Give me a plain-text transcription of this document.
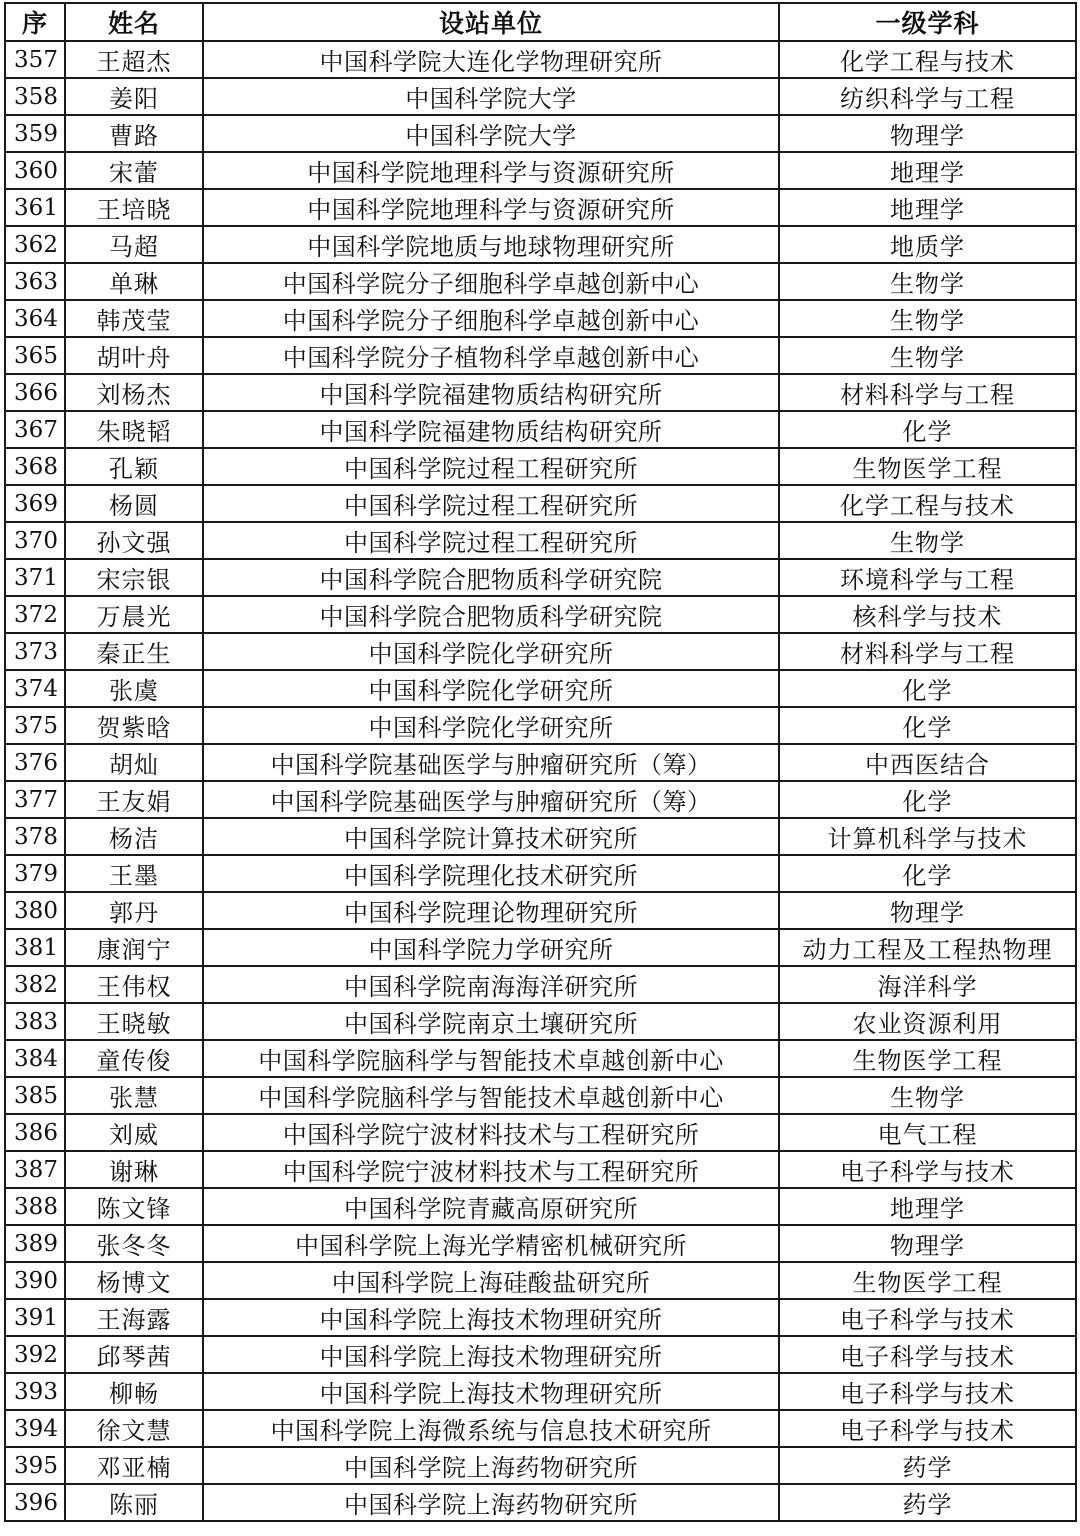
序	姓名	设站单位	一级学科
357	王超杰	中国科学院大连化学物理研究所	化学工程与技术
358	姜阳	中国科学院大学	纺织科学与工程
359	曹路	中国科学院大学	物理学
360	宋蕾	中国科学院地理科学与资源研究所	地理学
361	王培晓	中国科学院地理科学与资源研究所	地理学
362	马超	中国科学院地质与地球物理研究所	地质学
363	单琳	中国科学院分子细胞科学卓越创新中心	生物学
364	韩茂莹	中国科学院分子细胞科学卓越创新中心	生物学
365	胡叶舟	中国科学院分子植物科学卓越创新中心	生物学
366	刘杨杰	中国科学院福建物质结构研究所	材料科学与工程
367	朱晓韬	中国科学院福建物质结构研究所	化学
368	孔颖	中国科学院过程工程研究所	生物医学工程
369	杨圆	中国科学院过程工程研究所	化学工程与技术
370	孙文强	中国科学院过程工程研究所	生物学
371	宋宗银	中国科学院合肥物质科学研究院	环境科学与工程
372	万晨光	中国科学院合肥物质科学研究院	核科学与技术
373	秦正生	中国科学院化学研究所	材料科学与工程
374	张虞	中国科学院化学研究所	化学
375	贺紫晗	中国科学院化学研究所	化学
376	胡灿	中国科学院基础医学与肿瘤研究所（筹）	中西医结合
377	王友娟	中国科学院基础医学与肿瘤研究所（筹）	化学
378	杨洁	中国科学院计算技术研究所	计算机科学与技术
379	王墨	中国科学院理化技术研究所	化学
380	郭丹	中国科学院理论物理研究所	物理学
381	康润宁	中国科学院力学研究所	动力工程及工程热物理
382	王伟权	中国科学院南海海洋研究所	海洋科学
383	王晓敏	中国科学院南京土壤研究所	农业资源利用
384	童传俊	中国科学院脑科学与智能技术卓越创新中心	生物医学工程
385	张慧	中国科学院脑科学与智能技术卓越创新中心	生物学
386	刘威	中国科学院宁波材料技术与工程研究所	电气工程
387	谢琳	中国科学院宁波材料技术与工程研究所	电子科学与技术
388	陈文锋	中国科学院青藏高原研究所	地理学
389	张冬冬	中国科学院上海光学精密机械研究所	物理学
390	杨博文	中国科学院上海硅酸盐研究所	生物医学工程
391	王海露	中国科学院上海技术物理研究所	电子科学与技术
392	邱琴茜	中国科学院上海技术物理研究所	电子科学与技术
393	柳畅	中国科学院上海技术物理研究所	电子科学与技术
394	徐文慧	中国科学院上海微系统与信息技术研究所	电子科学与技术
395	邓亚楠	中国科学院上海药物研究所	药学
396	陈丽	中国科学院上海药物研究所	药学
